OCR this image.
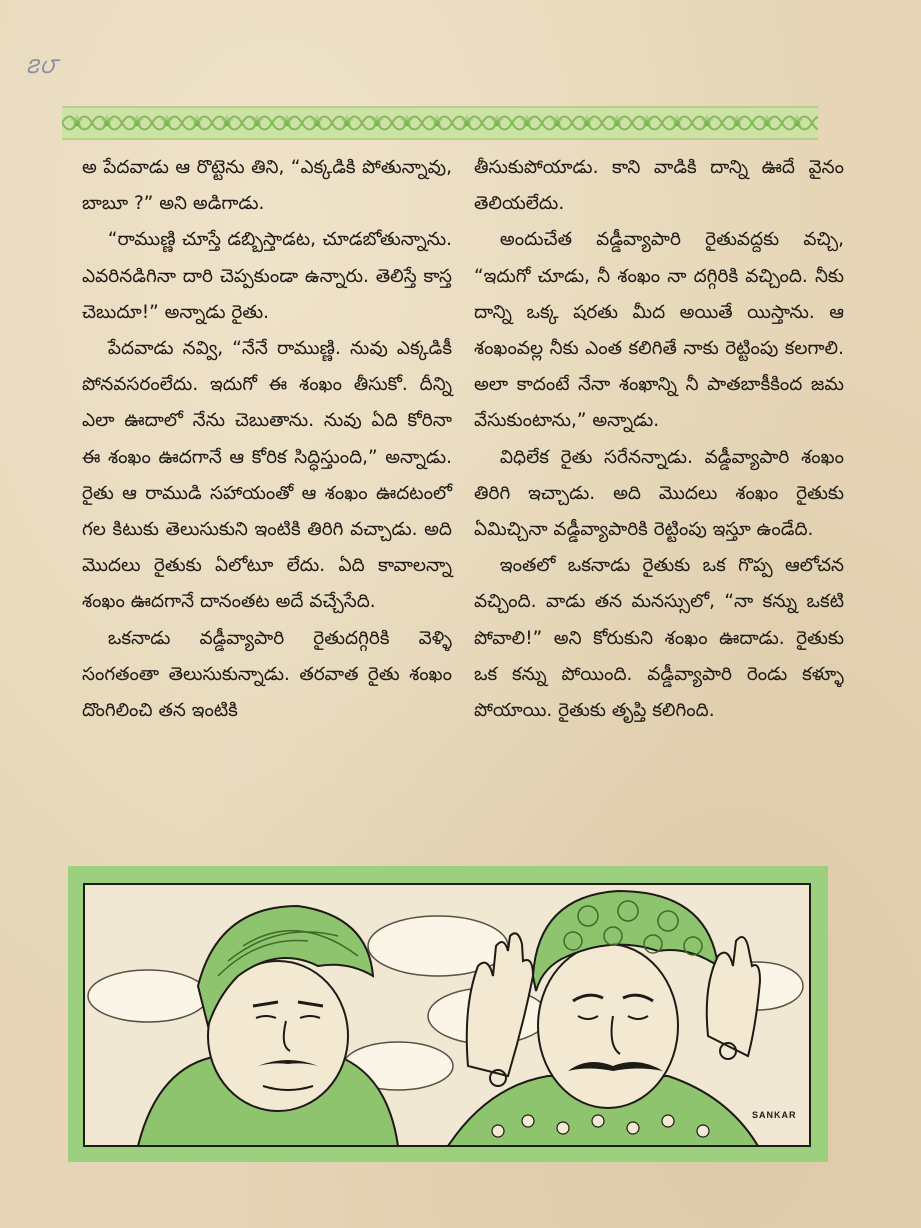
౭౮

అ పేదవాడు ఆ రొట్టెను తిని, “ఎక్కడికి పోతున్నావు, బాబూ ?” అని అడిగాడు.

“రాముణ్ణి చూస్తే డబ్బిస్తాడట, చూడబోతున్నాను. ఎవరినడిగినా దారి చెప్పకుండా ఉన్నారు. తెలిస్తే కాస్త చెబుదూ!” అన్నాడు రైతు.

పేదవాడు నవ్వి, “నేనే రాముణ్ణి. నువు ఎక్కడికీ పోనవసరంలేదు. ఇదుగో ఈ శంఖం తీసుకో. దీన్ని ఎలా ఊదాలో నేను చెబుతాను. నువు ఏది కోరినా ఈ శంఖం ఊదగానే ఆ కోరిక సిద్ధిస్తుంది,” అన్నాడు. రైతు ఆ రాముడి సహాయంతో ఆ శంఖం ఊదటంలో గల కిటుకు తెలుసుకుని ఇంటికి తిరిగి వచ్చాడు. అది మొదలు రైతుకు ఏలోటూ లేదు. ఏది కావాలన్నా శంఖం ఊదగానే దానంతట అదే వచ్చేసేది.

ఒకనాడు వడ్డీవ్యాపారి రైతుదగ్గిరికి వెళ్ళి సంగతంతా తెలుసుకున్నాడు. తరవాత రైతు శంఖం దొంగిలించి తన ఇంటికి

తీసుకుపోయాడు. కాని వాడికి దాన్ని ఊదే వైనం తెలియలేదు.

అందుచేత వడ్డీవ్యాపారి రైతువద్దకు వచ్చి, “ఇదుగో చూడు, నీ శంఖం నా దగ్గిరికి వచ్చింది. నీకు దాన్ని ఒక్క షరతు మీద అయితే యిస్తాను. ఆ శంఖంవల్ల నీకు ఎంత కలిగితే నాకు రెట్టింపు కలగాలి. అలా కాదంటే నేనా శంఖాన్ని నీ పాతబాకీకింద జమ వేసుకుంటాను,” అన్నాడు.

విధిలేక రైతు సరేనన్నాడు. వడ్డీవ్యాపారి శంఖం తిరిగి ఇచ్చాడు. అది మొదలు శంఖం రైతుకు ఏమిచ్చినా వడ్డీవ్యాపారికి రెట్టింపు ఇస్తూ ఉండేది.

ఇంతలో ఒకనాడు రైతుకు ఒక గొప్ప ఆలోచన వచ్చింది. వాడు తన మనస్సులో, “నా కన్ను ఒకటి పోవాలి!” అని కోరుకుని శంఖం ఊదాడు. రైతుకు ఒక కన్ను పోయింది. వడ్డీవ్యాపారి రెండు కళ్ళూ పోయాయి. రైతుకు తృప్తి కలిగింది.

SANKAR
